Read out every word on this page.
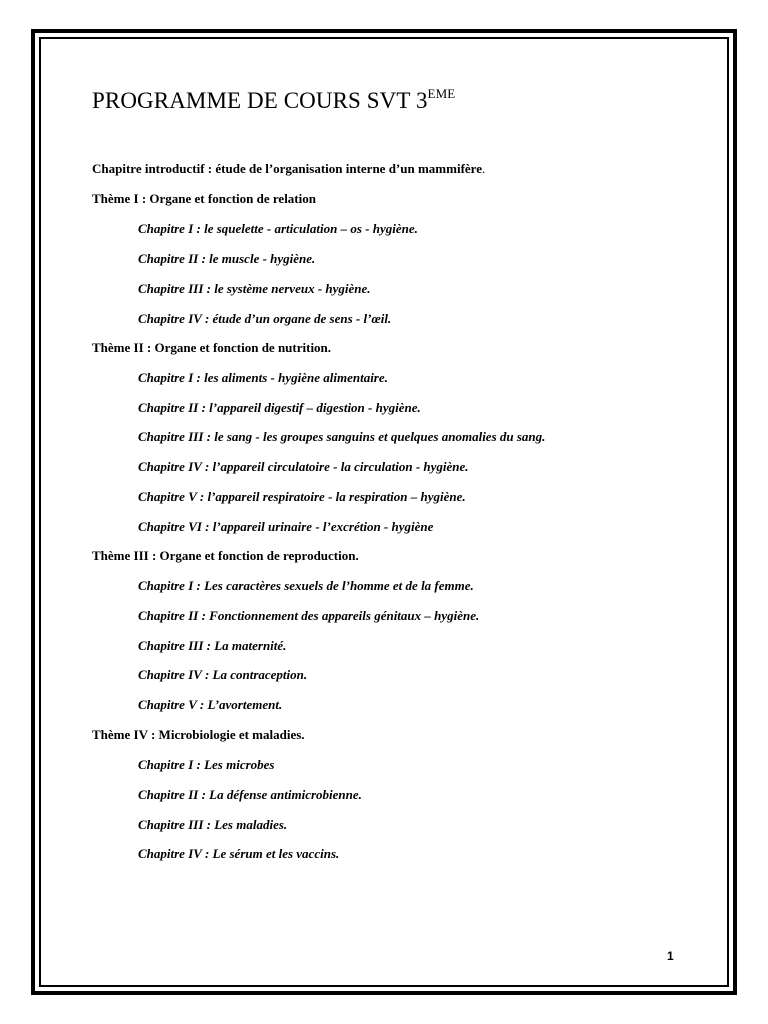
PROGRAMME DE COURS SVT 3EME

Chapitre introductif : étude de l’organisation interne d’un mammifère.

Thème I : Organe et fonction de relation

Chapitre I : le squelette - articulation – os - hygiène.

Chapitre II : le muscle - hygiène.

Chapitre III : le système nerveux - hygiène.

Chapitre IV : étude d’un organe de sens - l’œil.

Thème II : Organe et fonction de nutrition.

Chapitre I : les aliments - hygiène alimentaire.

Chapitre II : l’appareil digestif – digestion - hygiène.

Chapitre III : le sang - les groupes sanguins et quelques anomalies du sang.

Chapitre IV : l’appareil circulatoire - la circulation - hygiène.

Chapitre V : l’appareil respiratoire - la respiration – hygiène.

Chapitre VI : l’appareil urinaire - l’excrétion - hygiène

Thème III : Organe et fonction de reproduction.

Chapitre I : Les caractères sexuels de l’homme et de la femme.

Chapitre II : Fonctionnement des appareils génitaux – hygiène.

Chapitre III : La maternité.

Chapitre IV : La contraception.

Chapitre V : L’avortement.

Thème IV : Microbiologie et maladies.

Chapitre I : Les microbes

Chapitre II : La défense antimicrobienne.

Chapitre III : Les maladies.

Chapitre IV : Le sérum et les vaccins.

1
